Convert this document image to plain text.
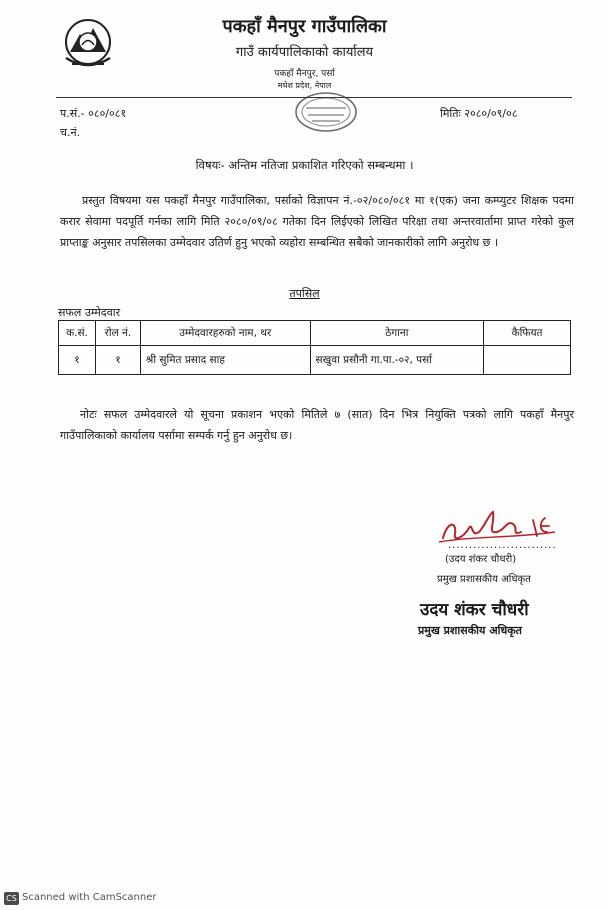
पकहाँ मैनपुर गाउँपालिका
गाउँ कार्यपालिकाको कार्यालय
पकहाँ मैनपुर, पर्सा
मधेश प्रदेश, नेपाल
प.सं.- ०८०/०८१
च.नं.
मितिः २०८०/०९/०८
विषयः- अन्तिम नतिजा प्रकाशित गरिएको सम्बन्धमा ।
प्रस्तुत विषयमा यस पकहाँ मैनपुर गाउँपालिका, पर्साको विज्ञापन नं.-०२/०८०/०८१ मा १(एक) जना कम्प्युटर शिक्षक पदमा करार सेवामा पदपूर्ति गर्नका लागि मिति २०८०/०९/०८ गतेका दिन लिईएको लिखित परिक्षा तथा अन्तरवार्तामा प्राप्त गरेको कुल प्राप्ताङ्क अनुसार तपसिलका उम्मेदवार उतिर्ण हुनु भएको व्यहोरा सम्बन्धित सबैको जानकारीको लागि अनुरोध छ ।
तपसिल
सफल उम्मेदवार
क.सं.	रोल नं.	उम्मेदवारहरुको नाम, थर	ठेगाना	कैफियत
१	१	श्री सुमित प्रसाद साह	सखुवा प्रसौनी गा.पा.-०२, पर्सा	
नोटः सफल उम्मेदवारले यो सूचना प्रकाशन भएको मितिले ७ (सात) दिन भित्र नियुक्ति पत्रको लागि पकहाँ मैनपुर गाउँपालिकाको कार्यालय पर्सामा सम्पर्क गर्नु हुन अनुरोध छ।
..........................
(उदय शंकर चौधरी)
प्रमुख प्रशासकीय अधिकृत
उदय शंकर चौधरी
प्रमुख प्रशासकीय अधिकृत
CS Scanned with CamScanner
